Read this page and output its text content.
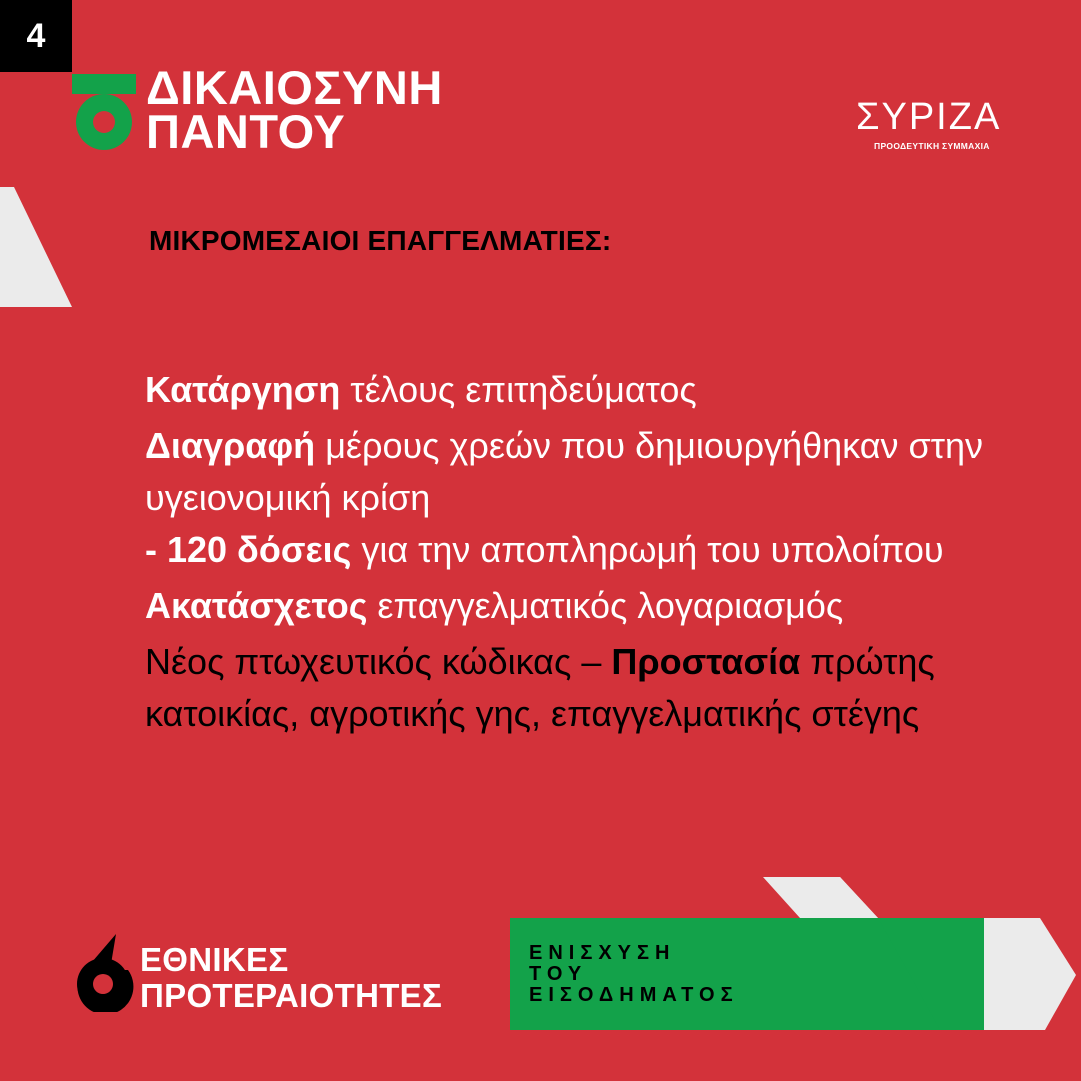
4
ΔΙΚΑΙΟΣΥΝΗ
ΠΑΝΤΟΥ	ΣΥΡΙΖΑ
ΠΡΟΟΔΕΥΤΙΚΗ ΣΥΜΜΑΧΙΑ
ΜΙΚΡΟΜΕΣΑΙΟΙ ΕΠΑΓΓΕΛΜΑΤΙΕΣ:
Κατάργηση τέλους επιτηδεύματος
Διαγραφή μέρους χρεών που δημιουργήθηκαν στην υγειονομική κρίση
- 120 δόσεις για την αποπληρωμή του υπολοίπου
Ακατάσχετος επαγγελματικός λογαριασμός
Νέος πτωχευτικός κώδικας – Προστασία πρώτης κατοικίας, αγροτικής γης, επαγγελματικής στέγης
ΕΝΙΣΧΥΣΗ
ΤΟΥ
ΕΙΣΟΔΗΜΑΤΟΣ
ΕΘΝΙΚΕΣ
ΠΡΟΤΕΡΑΙΟΤΗΤΕΣ
